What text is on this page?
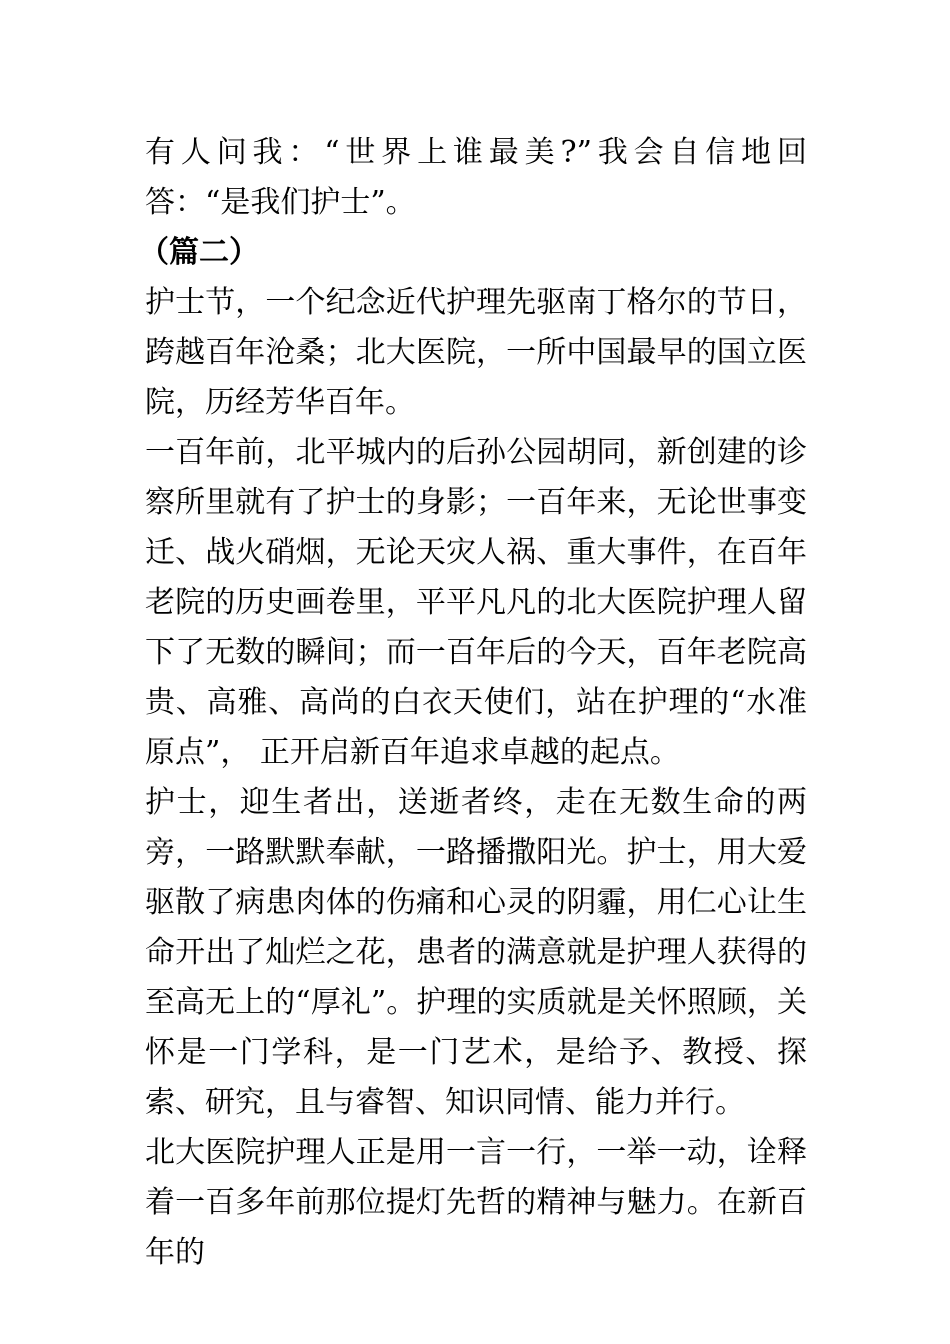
有人问我：“世界上谁最美?”我会自信地回答：“是我们护士”。

（篇二）

护士节，一个纪念近代护理先驱南丁格尔的节日，跨越百年沧桑；北大医院，一所中国最早的国立医院，历经芳华百年。

一百年前，北平城内的后孙公园胡同，新创建的诊察所里就有了护士的身影；一百年来，无论世事变迁、战火硝烟，无论天灾人祸、重大事件，在百年老院的历史画卷里，平平凡凡的北大医院护理人留下了无数的瞬间；而一百年后的今天，百年老院高贵、高雅、高尚的白衣天使们，站在护理的“水准原点”， 正开启新百年追求卓越的起点。

护士，迎生者出，送逝者终，走在无数生命的两旁，一路默默奉献，一路播撒阳光。护士，用大爱驱散了病患肉体的伤痛和心灵的阴霾，用仁心让生命开出了灿烂之花，患者的满意就是护理人获得的至高无上的“厚礼”。护理的实质就是关怀照顾，关怀是一门学科，是一门艺术，是给予、教授、探索、研究，且与睿智、知识同情、能力并行。

北大医院护理人正是用一言一行，一举一动，诠释着一百多年前那位提灯先哲的精神与魅力。在新百年的
